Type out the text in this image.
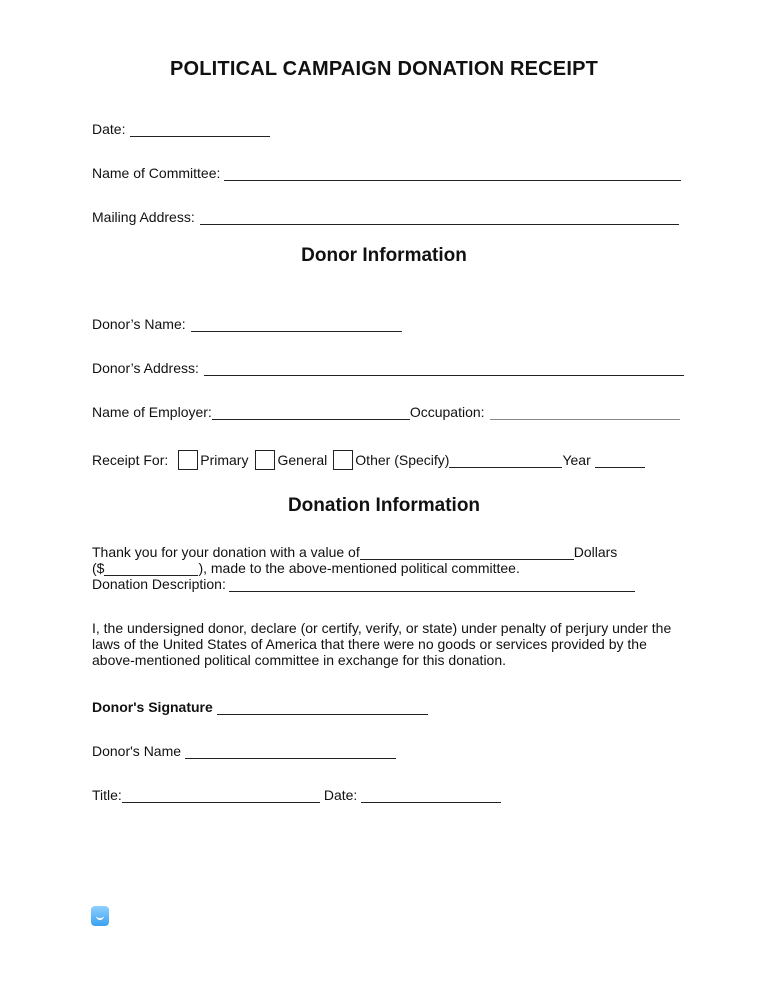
POLITICAL CAMPAIGN DONATION RECEIPT
Date:
Name of Committee:
Mailing Address:
Donor Information
Donor’s Name:
Donor’s Address:
Name of Employer:	Occupation:
Receipt For: Primary General Other (Specify)	Year
Donation Information
Thank you for your donation with a value of	Dollars
($	), made to the above-mentioned political committee.
Donation Description:
I, the undersigned donor, declare (or certify, verify, or state) under penalty of perjury under the laws of the United States of America that there were no goods or services provided by the above-mentioned political committee in exchange for this donation.
Donor's Signature
Donor's Name
Title:	Date:
